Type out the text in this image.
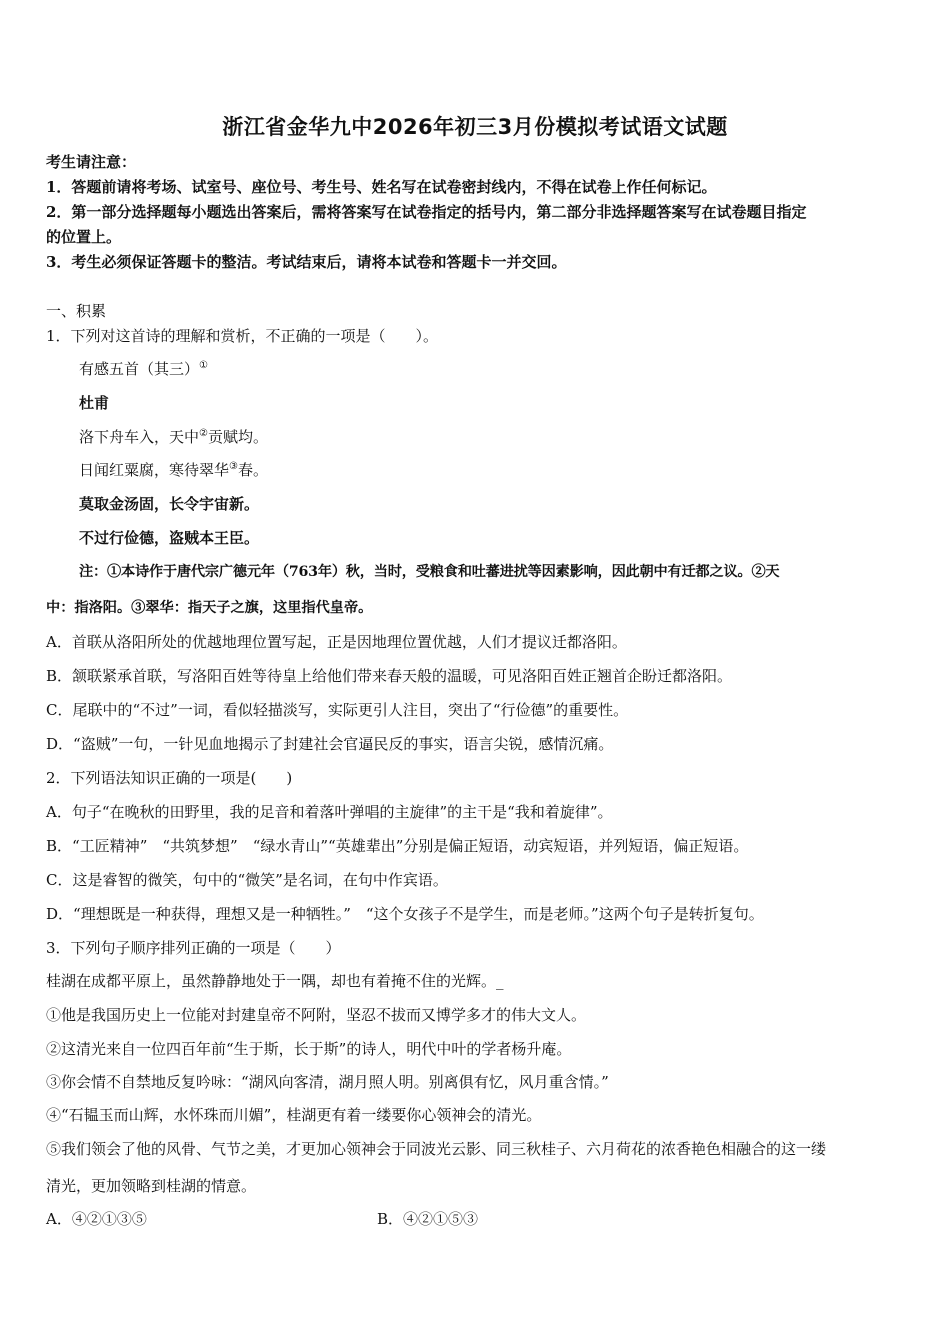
浙江省金华九中2026年初三3月份模拟考试语文试题
考生请注意：
1．答题前请将考场、试室号、座位号、考生号、姓名写在试卷密封线内，不得在试卷上作任何标记。
2．第一部分选择题每小题选出答案后，需将答案写在试卷指定的括号内，第二部分非选择题答案写在试卷题目指定
的位置上。
3．考生必须保证答题卡的整洁。考试结束后，请将本试卷和答题卡一并交回。
一、积累
1．下列对这首诗的理解和赏析，不正确的一项是（　　）。
有感五首（其三）①
杜甫
洛下舟车入，天中②贡赋均。
日闻红粟腐，寒待翠华③春。
莫取金汤固，长令宇宙新。
不过行俭德，盗贼本王臣。
注：①本诗作于唐代宗广德元年（763年）秋，当时，受粮食和吐蕃进扰等因素影响，因此朝中有迁都之议。②天
中：指洛阳。③翠华：指天子之旗，这里指代皇帝。
A．首联从洛阳所处的优越地理位置写起，正是因地理位置优越，人们才提议迁都洛阳。
B．颔联紧承首联，写洛阳百姓等待皇上给他们带来春天般的温暖，可见洛阳百姓正翘首企盼迁都洛阳。
C．尾联中的“不过”一词，看似轻描淡写，实际更引人注目，突出了“行俭德”的重要性。
D．“盗贼”一句，一针见血地揭示了封建社会官逼民反的事实，语言尖锐，感情沉痛。
2．下列语法知识正确的一项是(　　)
A．句子“在晚秋的田野里，我的足音和着落叶弹唱的主旋律”的主干是“我和着旋律”。
B．“工匠精神”　“共筑梦想”　“绿水青山”“英雄辈出”分别是偏正短语，动宾短语，并列短语，偏正短语。
C．这是睿智的微笑，句中的“微笑”是名词，在句中作宾语。
D．“理想既是一种获得，理想又是一种牺牲。”　“这个女孩子不是学生，而是老师。”这两个句子是转折复句。
3．下列句子顺序排列正确的一项是（　　）
桂湖在成都平原上，虽然静静地处于一隅，却也有着掩不住的光辉。_
①他是我国历史上一位能对封建皇帝不阿附，坚忍不拔而又博学多才的伟大文人。
②这清光来自一位四百年前“生于斯，长于斯”的诗人，明代中叶的学者杨升庵。
③你会情不自禁地反复吟咏：“湖风向客清，湖月照人明。别离俱有忆，风月重含情。”
④“石韫玉而山辉，水怀珠而川媚”，桂湖更有着一缕要你心领神会的清光。
⑤我们领会了他的风骨、气节之美，才更加心领神会于同波光云影、同三秋桂子、六月荷花的浓香艳色相融合的这一缕
清光，更加领略到桂湖的情意。
A．④②①③⑤	B．④②①⑤③
